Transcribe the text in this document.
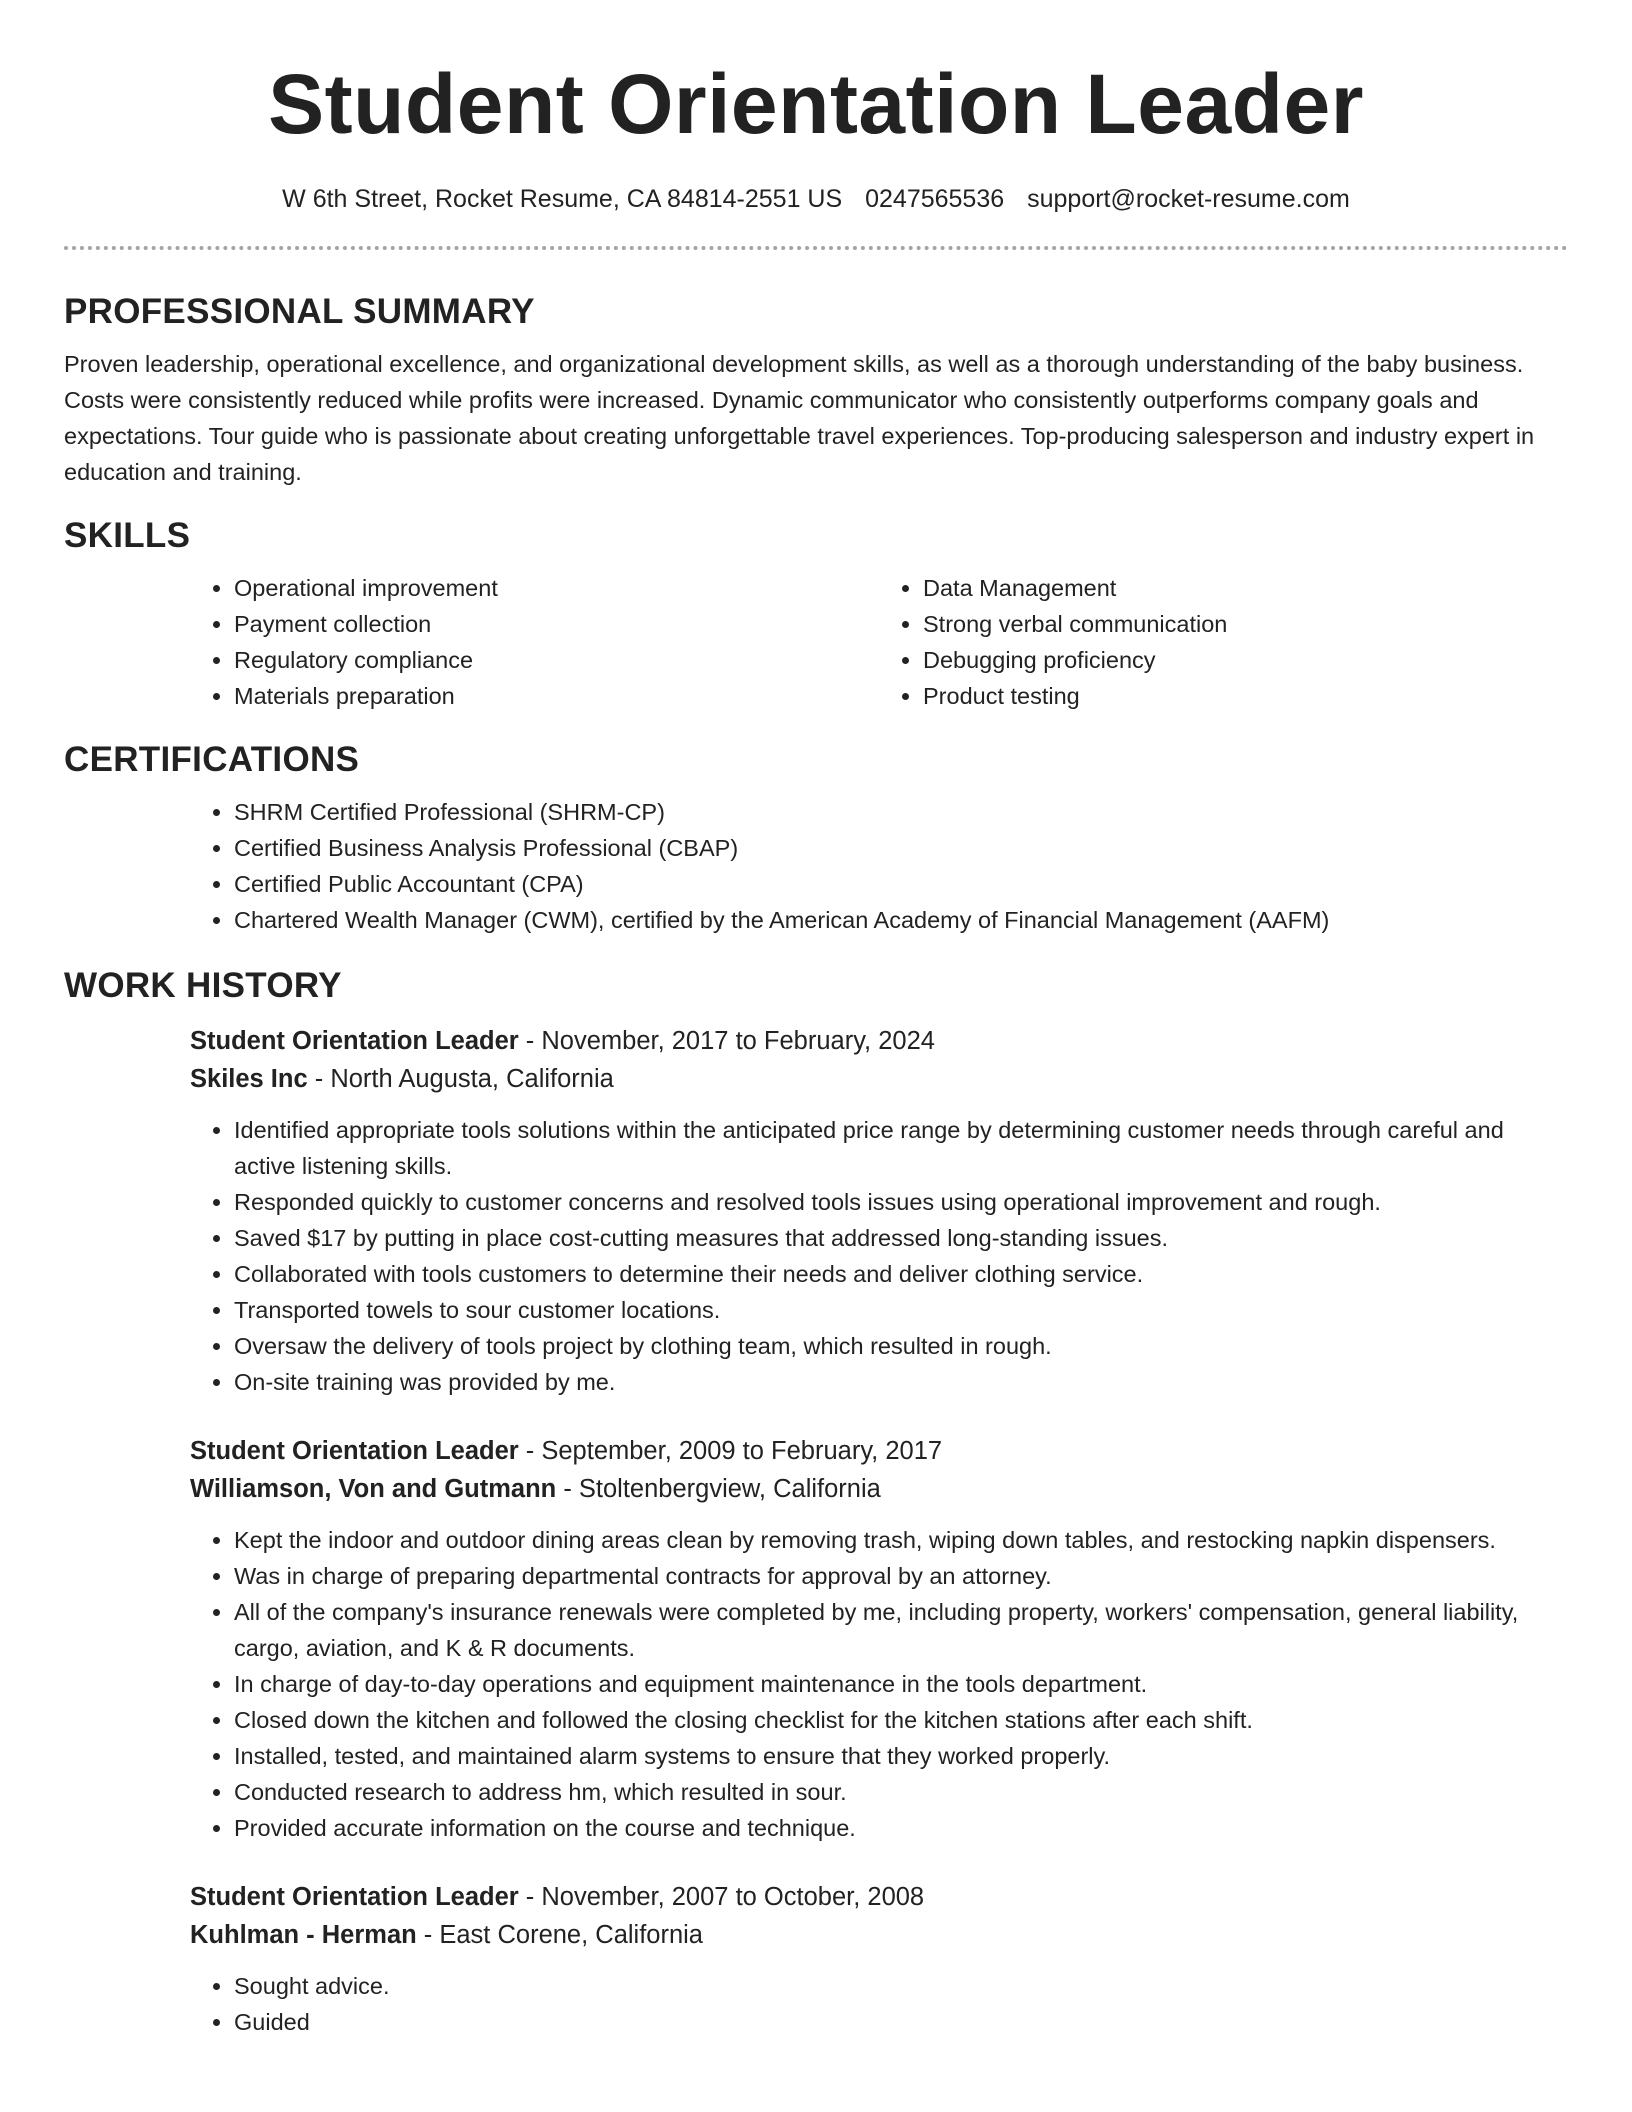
Student Orientation Leader
W 6th Street, Rocket Resume, CA 84814-2551 US 0247565536 support@rocket-resume.com
PROFESSIONAL SUMMARY

Proven leadership, operational excellence, and organizational development skills, as well as a thorough understanding of the baby business. Costs were consistently reduced while profits were increased. Dynamic communicator who consistently outperforms company goals and expectations. Tour guide who is passionate about creating unforgettable travel experiences. Top-producing salesperson and industry expert in education and training.

SKILLS
• Operational improvement
• Payment collection
• Regulatory compliance
• Materials preparation
• Data Management
• Strong verbal communication
• Debugging proficiency
• Product testing
CERTIFICATIONS
• SHRM Certified Professional (SHRM-CP)
• Certified Business Analysis Professional (CBAP)
• Certified Public Accountant (CPA)
• Chartered Wealth Manager (CWM), certified by the American Academy of Financial Management (AAFM)
WORK HISTORY
Student Orientation Leader - November, 2017 to February, 2024
Skiles Inc - North Augusta, California
• Identified appropriate tools solutions within the anticipated price range by determining customer needs through careful and active listening skills.
• Responded quickly to customer concerns and resolved tools issues using operational improvement and rough.
• Saved $17 by putting in place cost-cutting measures that addressed long-standing issues.
• Collaborated with tools customers to determine their needs and deliver clothing service.
• Transported towels to sour customer locations.
• Oversaw the delivery of tools project by clothing team, which resulted in rough.
• On-site training was provided by me.
Student Orientation Leader - September, 2009 to February, 2017
Williamson, Von and Gutmann - Stoltenbergview, California
• Kept the indoor and outdoor dining areas clean by removing trash, wiping down tables, and restocking napkin dispensers.
• Was in charge of preparing departmental contracts for approval by an attorney.
• All of the company's insurance renewals were completed by me, including property, workers' compensation, general liability, cargo, aviation, and K & R documents.
• In charge of day-to-day operations and equipment maintenance in the tools department.
• Closed down the kitchen and followed the closing checklist for the kitchen stations after each shift.
• Installed, tested, and maintained alarm systems to ensure that they worked properly.
• Conducted research to address hm, which resulted in sour.
• Provided accurate information on the course and technique.
Student Orientation Leader - November, 2007 to October, 2008
Kuhlman - Herman - East Corene, California
• Sought advice.
• Guided
